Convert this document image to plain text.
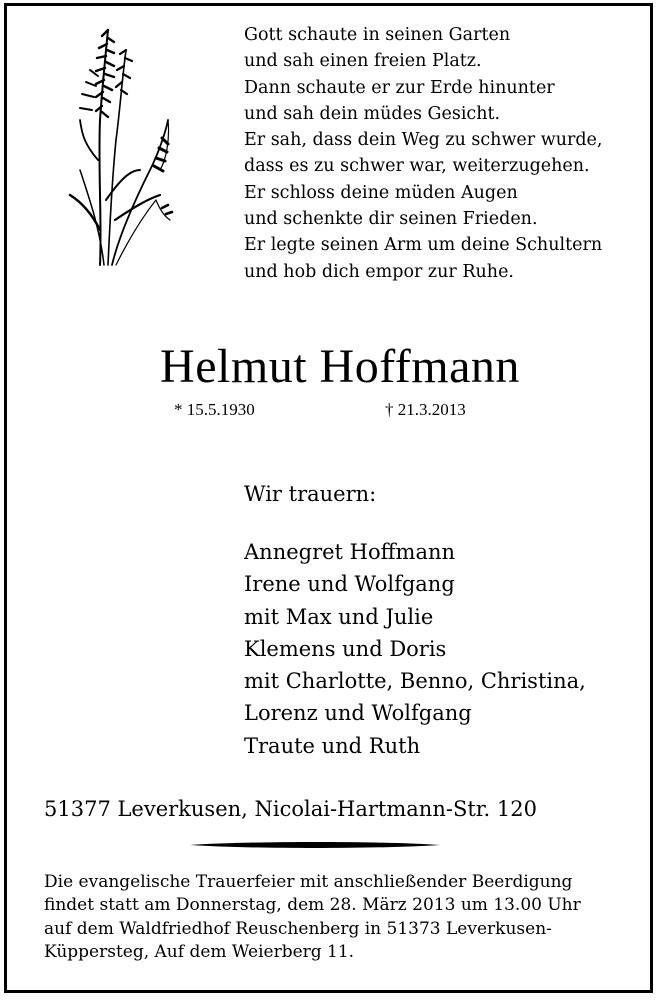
Gott schaute in seinen Garten
und sah einen freien Platz.
Dann schaute er zur Erde hinunter
und sah dein müdes Gesicht.
Er sah, dass dein Weg zu schwer wurde,
dass es zu schwer war, weiterzugehen.
Er schloss deine müden Augen
und schenkte dir seinen Frieden.
Er legte seinen Arm um deine Schultern
und hob dich empor zur Ruhe.
Helmut Hoffmann
* 15.5.1930	† 21.3.2013
Wir trauern:
Annegret Hoffmann
Irene und Wolfgang
mit Max und Julie
Klemens und Doris
mit Charlotte, Benno, Christina,
Lorenz und Wolfgang
Traute und Ruth
51377 Leverkusen, Nicolai-Hartmann-Str. 120
Die evangelische Trauerfeier mit anschließender Beerdigung
findet statt am Donnerstag, dem 28. März 2013 um 13.00 Uhr
auf dem Waldfriedhof Reuschenberg in 51373 Leverkusen-
Küppersteg, Auf dem Weierberg 11.
